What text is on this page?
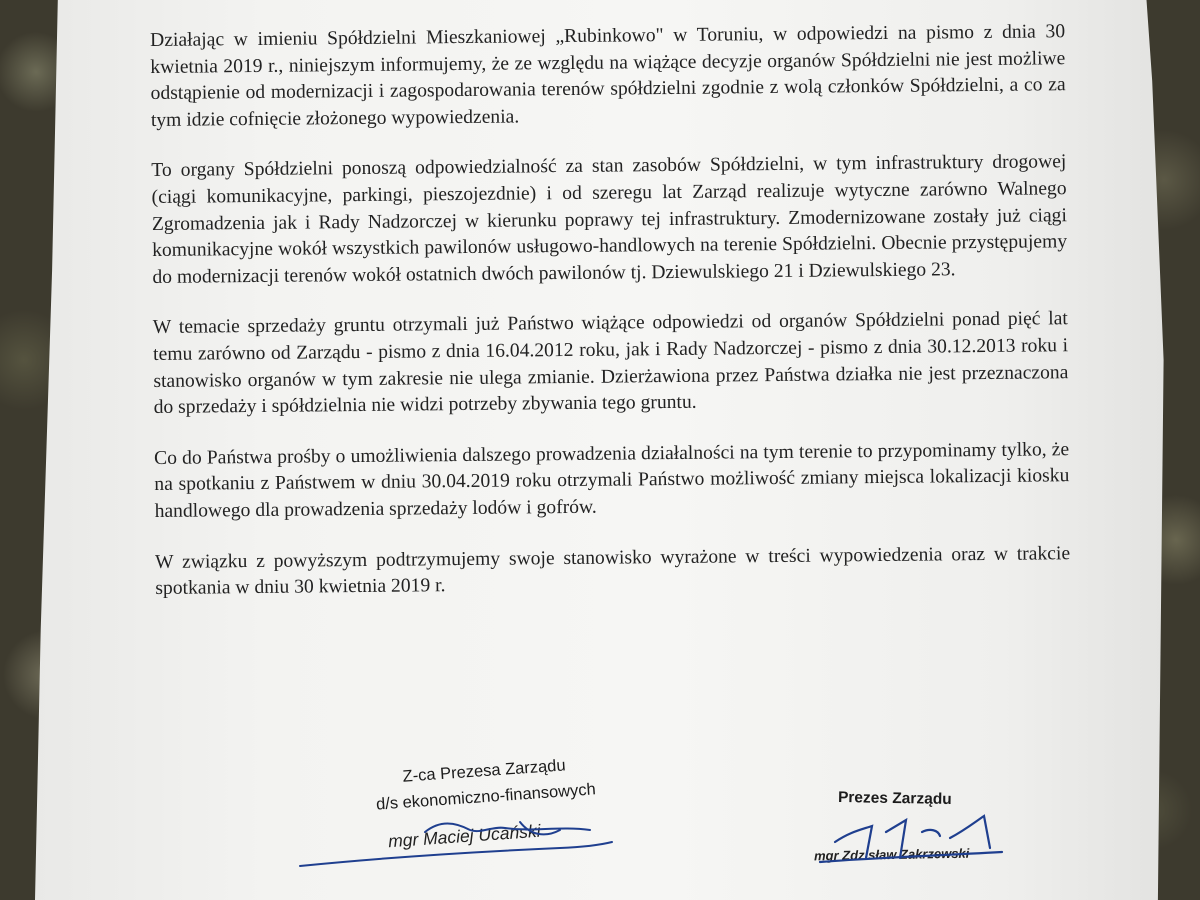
Działając w imieniu Spółdzielni Mieszkaniowej „Rubinkowo" w Toruniu, w odpowiedzi na pismo z dnia 30 kwietnia 2019 r., niniejszym informujemy, że ze względu na wiążące decyzje organów Spółdzielni nie jest możliwe odstąpienie od modernizacji i zagospodarowania terenów spółdzielni zgodnie z wolą członków Spółdzielni, a co za tym idzie cofnięcie złożonego wypowiedzenia.

To organy Spółdzielni ponoszą odpowiedzialność za stan zasobów Spółdzielni, w tym infrastruktury drogowej (ciągi komunikacyjne, parkingi, pieszojezdnie) i od szeregu lat Zarząd realizuje wytyczne zarówno Walnego Zgromadzenia jak i Rady Nadzorczej w kierunku poprawy tej infrastruktury. Zmodernizowane zostały już ciągi komunikacyjne wokół wszystkich pawilonów usługowo-handlowych na terenie Spółdzielni. Obecnie przystępujemy do modernizacji terenów wokół ostatnich dwóch pawilonów tj. Dziewulskiego 21 i Dziewulskiego 23.

W temacie sprzedaży gruntu otrzymali już Państwo wiążące odpowiedzi od organów Spółdzielni ponad pięć lat temu zarówno od Zarządu - pismo z dnia 16.04.2012 roku, jak i Rady Nadzorczej - pismo z dnia 30.12.2013 roku i stanowisko organów w tym zakresie nie ulega zmianie. Dzierżawiona przez Państwa działka nie jest przeznaczona do sprzedaży i spółdzielnia nie widzi potrzeby zbywania tego gruntu.

Co do Państwa prośby o umożliwienia dalszego prowadzenia działalności na tym terenie to przypominamy tylko, że na spotkaniu z Państwem w dniu 30.04.2019 roku otrzymali Państwo możliwość zmiany miejsca lokalizacji kiosku handlowego dla prowadzenia sprzedaży lodów i gofrów.

W związku z powyższym podtrzymujemy swoje stanowisko wyrażone w treści wypowiedzenia oraz w trakcie spotkania w dniu 30 kwietnia 2019 r.

Z-ca Prezesa Zarządu
d/s ekonomiczno-finansowych
mgr Maciej Ucański
Prezes Zarządu
mgr Zdzisław Zakrzewski
